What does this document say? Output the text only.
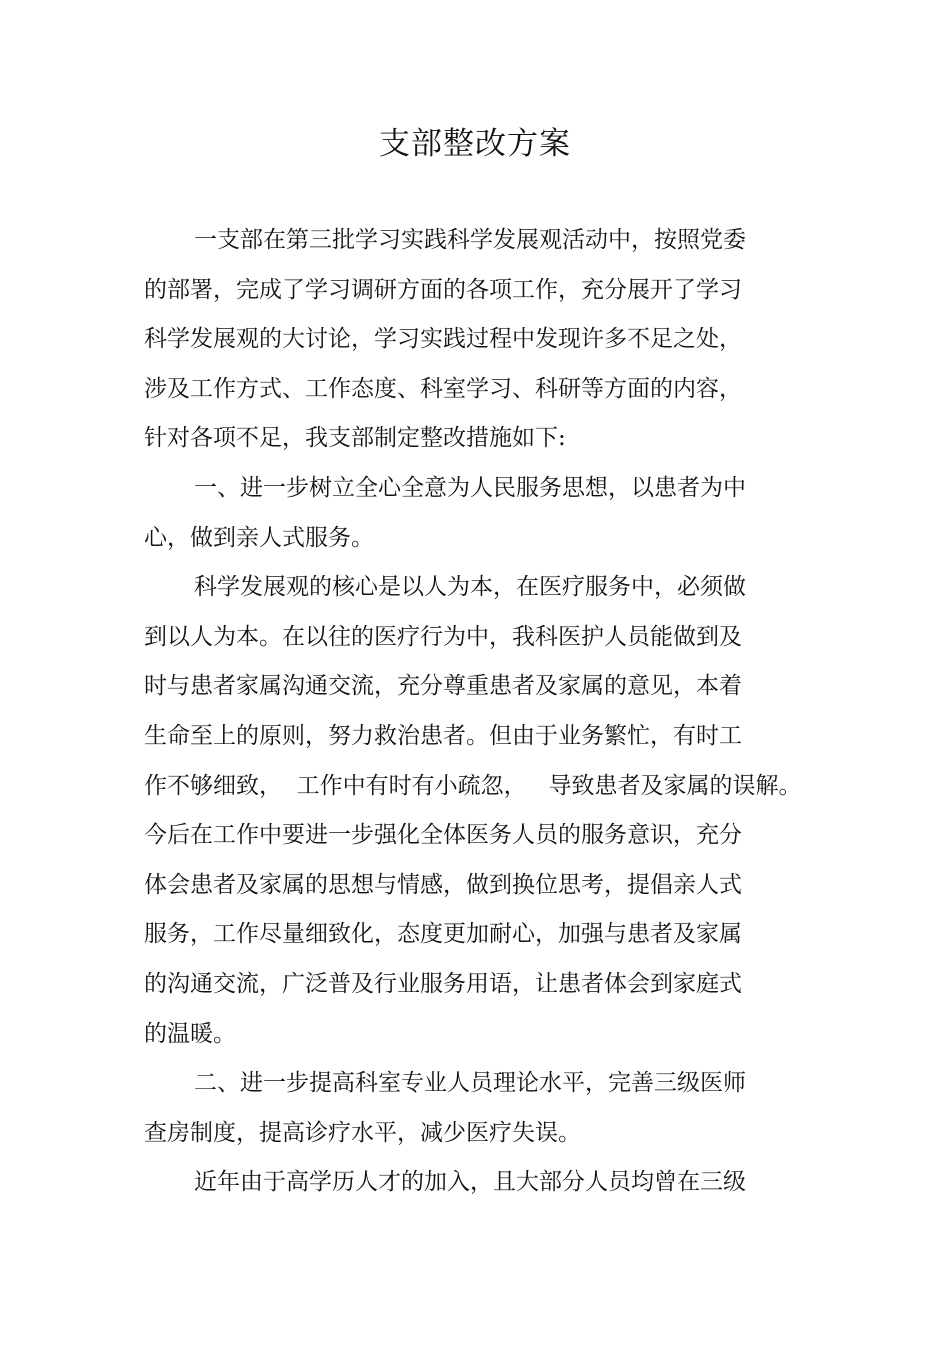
支部整改方案
一支部在第三批学习实践科学发展观活动中，按照党委
的部署，完成了学习调研方面的各项工作，充分展开了学习
科学发展观的大讨论，学习实践过程中发现许多不足之处，
涉及工作方式、工作态度、科室学习、科研等方面的内容，
针对各项不足，我支部制定整改措施如下:
一、进一步树立全心全意为人民服务思想，以患者为中
心，做到亲人式服务。
科学发展观的核心是以人为本，在医疗服务中，必须做
到以人为本。在以往的医疗行为中，我科医护人员能做到及
时与患者家属沟通交流，充分尊重患者及家属的意见，本着
生命至上的原则，努力救治患者。但由于业务繁忙，有时工
作不够细致，  工作中有时有小疏忽，   导致患者及家属的误解。
今后在工作中要进一步强化全体医务人员的服务意识，充分
体会患者及家属的思想与情感，做到换位思考，提倡亲人式
服务，工作尽量细致化，态度更加耐心，加强与患者及家属
的沟通交流，广泛普及行业服务用语，让患者体会到家庭式
的温暖。
二、进一步提高科室专业人员理论水平，完善三级医师
查房制度，提高诊疗水平，减少医疗失误。
近年由于高学历人才的加入，且大部分人员均曾在三级
